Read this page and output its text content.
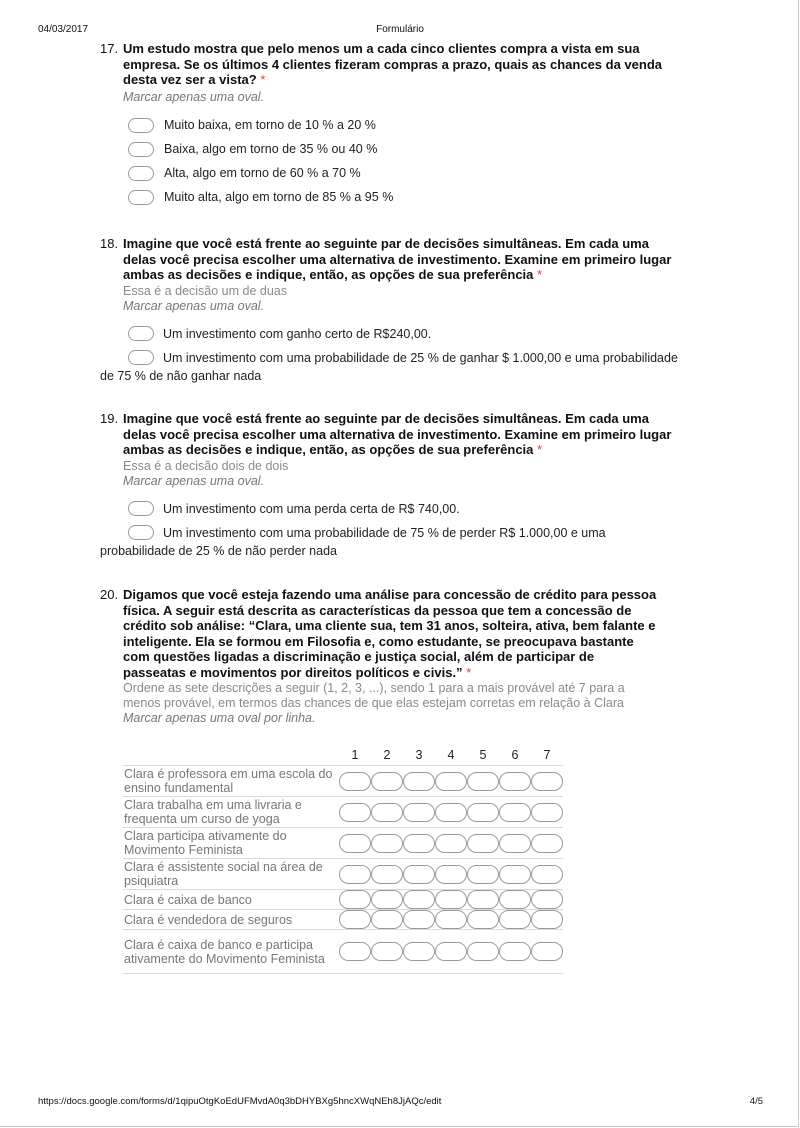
04/03/2017	Formulário
17. Um estudo mostra que pelo menos um a cada cinco clientes compra a vista em sua empresa. Se os últimos 4 clientes fizeram compras a prazo, quais as chances da venda desta vez ser a vista? *
Marcar apenas uma oval.
Muito baixa, em torno de 10 % a 20 %
Baixa, algo em torno de 35 % ou 40 %
Alta, algo em torno de 60 % a 70 %
Muito alta, algo em torno de 85 % a 95 %
18. Imagine que você está frente ao seguinte par de decisões simultâneas. Em cada uma delas você precisa escolher uma alternativa de investimento. Examine em primeiro lugar ambas as decisões e indique, então, as opções de sua preferência *
Essa é a decisão um de duas
Marcar apenas uma oval.
Um investimento com ganho certo de R$240,00.
Um investimento com uma probabilidade de 25 % de ganhar $ 1.000,00 e uma probabilidade de 75 % de não ganhar nada
19. Imagine que você está frente ao seguinte par de decisões simultâneas. Em cada uma delas você precisa escolher uma alternativa de investimento. Examine em primeiro lugar ambas as decisões e indique, então, as opções de sua preferência *
Essa é a decisão dois de dois
Marcar apenas uma oval.
Um investimento com uma perda certa de R$ 740,00.
Um investimento com uma probabilidade de 75 % de perder R$ 1.000,00 e uma probabilidade de 25 % de não perder nada
20. Digamos que você esteja fazendo uma análise para concessão de crédito para pessoa física. A seguir está descrita as características da pessoa que tem a concessão de crédito sob análise: “Clara, uma cliente sua, tem 31 anos, solteira, ativa, bem falante e inteligente. Ela se formou em Filosofia e, como estudante, se preocupava bastante com questões ligadas a discriminação e justiça social, além de participar de passeatas e movimentos por direitos políticos e civis.” *
Ordene as sete descrições a seguir (1, 2, 3, ...), sendo 1 para a mais provável até 7 para a menos provável, em termos das chances de que elas estejam corretas em relação à Clara
Marcar apenas uma oval por linha.
	1	2	3	4	5	6	7
Clara é professora em uma escola do ensino fundamental							
Clara trabalha em uma livraria e frequenta um curso de yoga							
Clara participa ativamente do Movimento Feminista							
Clara é assistente social na área de psiquiatra							
Clara é caixa de banco							
Clara é vendedora de seguros							
Clara é caixa de banco e participa ativamente do Movimento Feminista							
https://docs.google.com/forms/d/1qipuOtgKoEdUFMvdA0q3bDHYBXg5hncXWqNEh8JjAQc/edit	4/5
